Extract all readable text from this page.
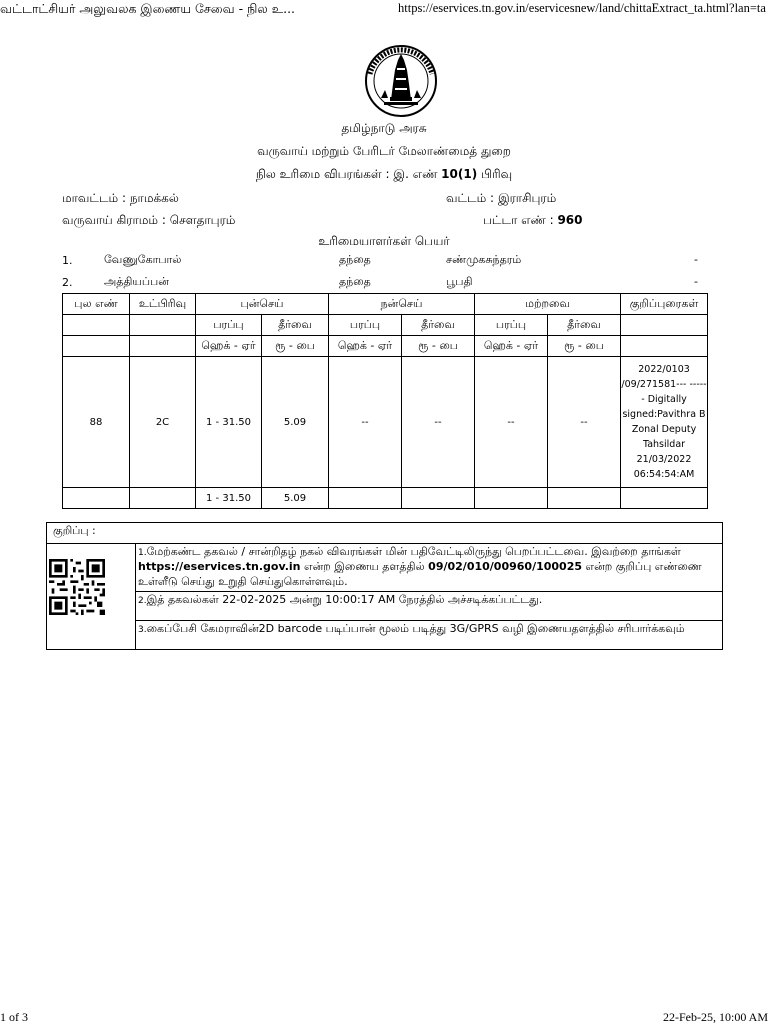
வட்டாட்சியர் அலுவலக இணைய சேவை - நில உ...	https://eservices.tn.gov.in/eservicesnew/land/chittaExtract_ta.html?lan=ta
தமிழ்நாடு அரசு
வருவாய் மற்றும் பேரிடர் மேலாண்மைத் துறை
நில உரிமை விபரங்கள் : இ. எண் 10(1) பிரிவு
மாவட்டம் : நாமக்கல்	வட்டம் : இராசிபுரம்
வருவாய் கிராமம் : சௌதாபுரம்	பட்டா எண் : 960
உரிமையாளர்கள் பெயர்
1.	வேணுகோபால்	தந்தை	சண்முகசுந்தரம்	-
2.	அத்தியப்பன்	தந்தை	பூபதி	-
புல எண்	உட்பிரிவு	புன்செய்		நன்செய்		மற்றவை		குறிப்புரைகள்
		பரப்பு	தீர்வை	பரப்பு	தீர்வை	பரப்பு	தீர்வை	
		ஹெக் - ஏர்	ரூ - பை	ஹெக் - ஏர்	ரூ - பை	ஹெக் - ஏர்	ரூ - பை	
88	2C	1 - 31.50	5.09	--	--	--	--	2022/0103 /09/271581--- ------ Digitally signed:Pavithra B Zonal Deputy Tahsildar 21/03/2022 06:54:54:AM
		1 - 31.50	5.09					
குறிப்பு :
	1.மேற்கண்ட தகவல் / சான்றிதழ் நகல் விவரங்கள் மின் பதிவேட்டிலிருந்து பெறப்பட்டவை. இவற்றை தாங்கள்   https://eservices.tn.gov.in என்ற இணைய தளத்தில் 09/02/010/00960/100025 என்ற குறிப்பு எண்ணை உள்ளீடு செய்து உறுதி செய்துகொள்ளவும்.
2.இத் தகவல்கள் 22-02-2025 அன்று 10:00:17 AM நேரத்தில் அச்சடிக்கப்பட்டது.
3.கைப்பேசி கேமராவின்2D barcode படிப்பான் மூலம் படித்து 3G/GPRS வழி இணையதளத்தில் சரிபார்க்கவும்
1 of 3	22-Feb-25, 10:00 AM
